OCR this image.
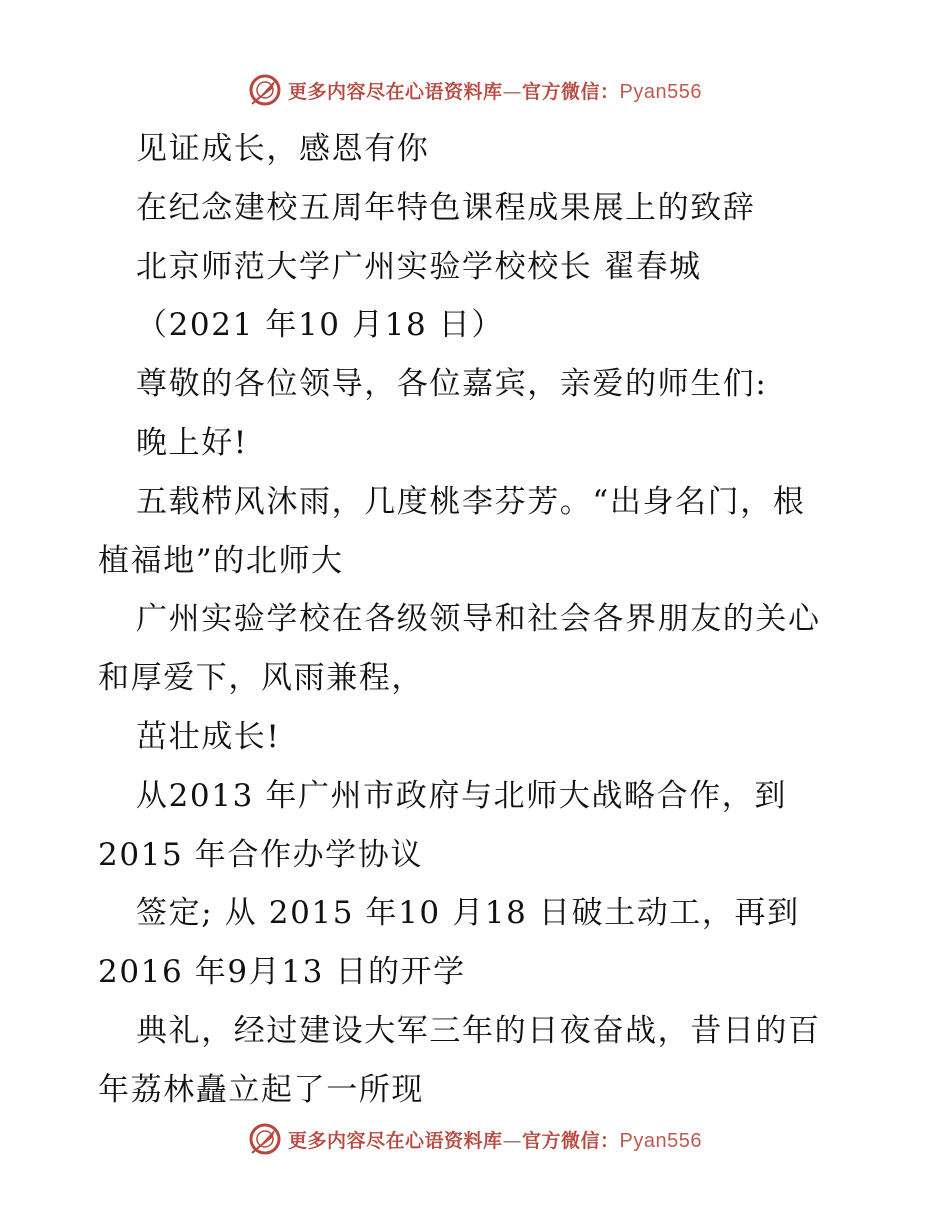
更多内容尽在心语资料库—官方微信：Pyan556
见证成长，感恩有你
在纪念建校五周年特色课程成果展上的致辞
北京师范大学广州实验学校校长 翟春城
（2021 年10 月18 日）
尊敬的各位领导，各位嘉宾，亲爱的师生们:
晚上好!
五载栉风沐雨，几度桃李芬芳。“出身名门，根
植福地”的北师大
广州实验学校在各级领导和社会各界朋友的关心
和厚爱下，风雨兼程，
茁壮成长!
从2013 年广州市政府与北师大战略合作，到
2015 年合作办学协议
签定; 从 2015 年10 月18 日破土动工，再到
2016 年9月13 日的开学
典礼，经过建设大军三年的日夜奋战，昔日的百
年荔林矗立起了一所现
更多内容尽在心语资料库—官方微信：Pyan556
